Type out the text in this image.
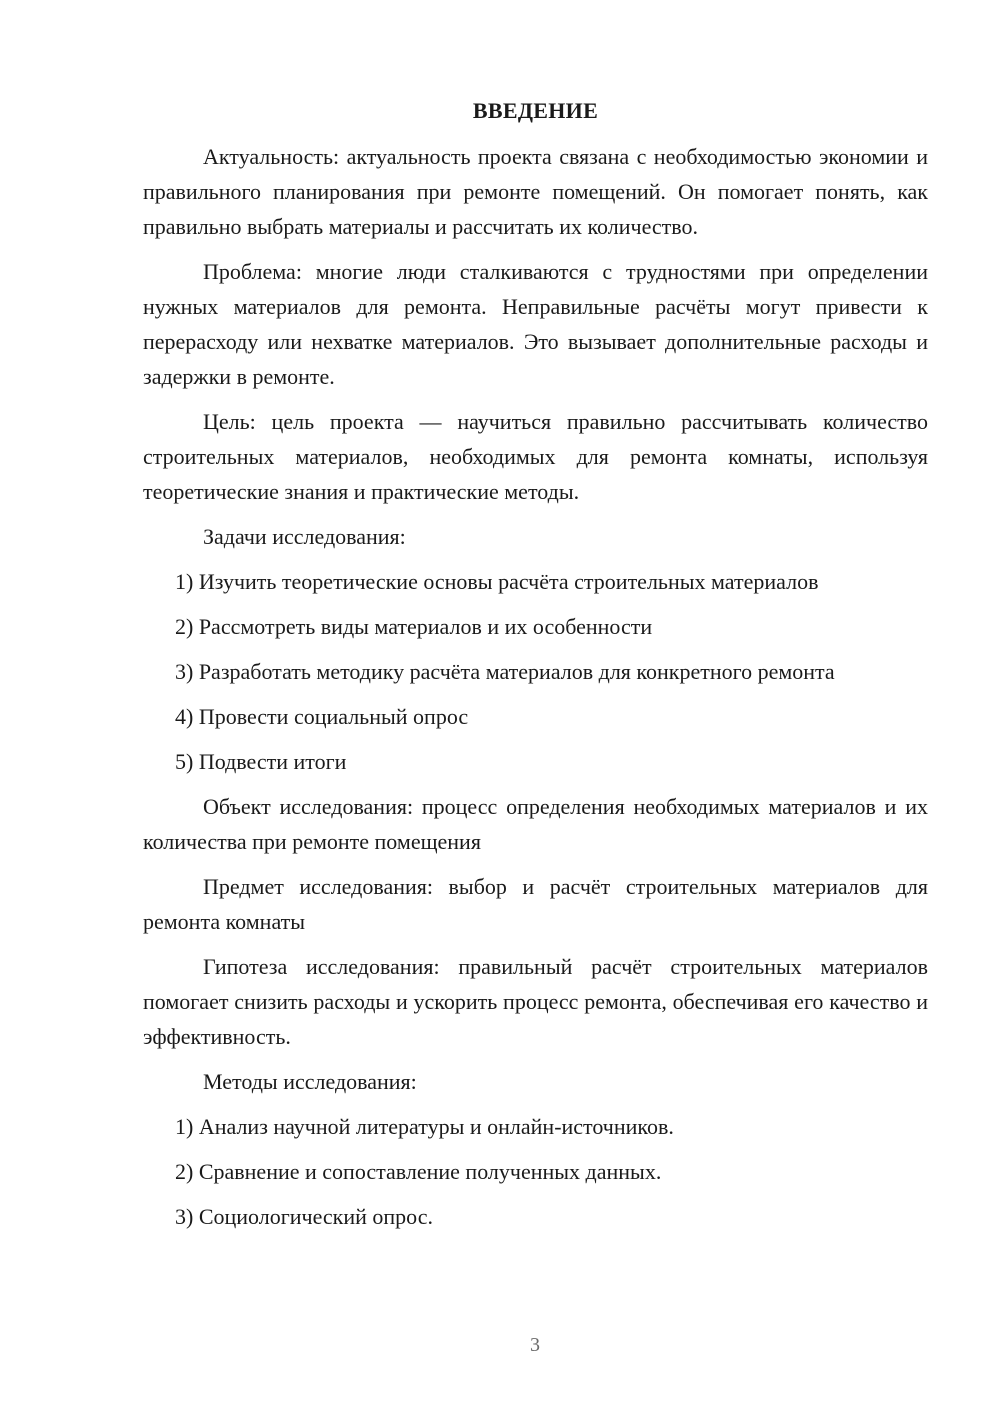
ВВЕДЕНИЕ

Актуальность: актуальность проекта связана с необходимостью экономии и правильного планирования при ремонте помещений. Он помогает понять, как правильно выбрать материалы и рассчитать их количество.

Проблема: многие люди сталкиваются с трудностями при определении нужных материалов для ремонта. Неправильные расчёты могут привести к перерасходу или нехватке материалов. Это вызывает дополнительные расходы и задержки в ремонте.

Цель: цель проекта — научиться правильно рассчитывать количество строительных материалов, необходимых для ремонта комнаты, используя теоретические знания и практические методы.

Задачи исследования:

1) Изучить теоретические основы расчёта строительных материалов

2) Рассмотреть виды материалов и их особенности

3) Разработать методику расчёта материалов для конкретного ремонта

4) Провести социальный опрос

5) Подвести итоги

Объект исследования: процесс определения необходимых материалов и их количества при ремонте помещения

Предмет исследования: выбор и расчёт строительных материалов для ремонта комнаты

Гипотеза исследования: правильный расчёт строительных материалов помогает снизить расходы и ускорить процесс ремонта, обеспечивая его качество и эффективность.

Методы исследования:

1) Анализ научной литературы и онлайн-источников.

2) Сравнение и сопоставление полученных данных.

3) Социологический опрос.

3
